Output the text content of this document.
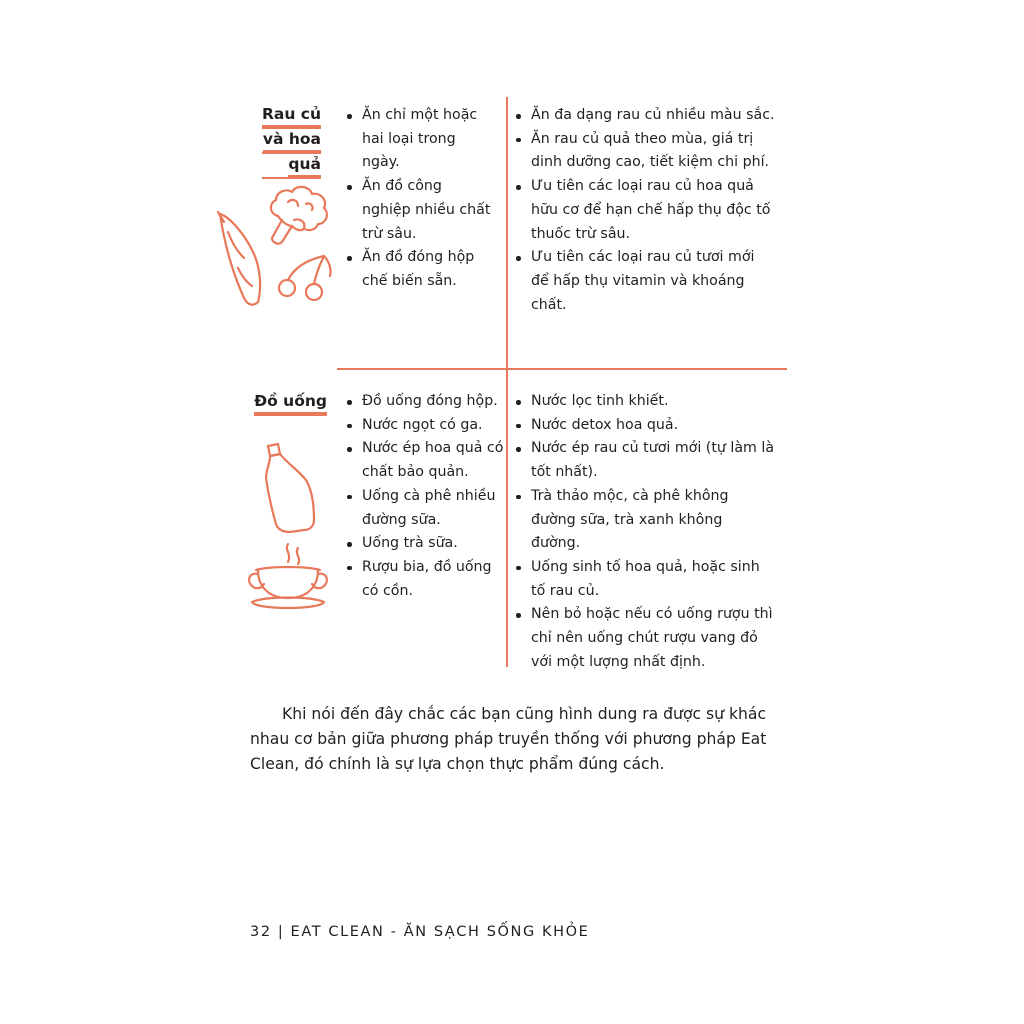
Rau củ
và hoa
quả
Ăn chỉ một hoặc hai loại trong ngày.
Ăn đồ công nghiệp nhiều chất trừ sâu.
Ăn đồ đóng hộp chế biến sẵn.
Ăn đa dạng rau củ nhiều màu sắc.
Ăn rau củ quả theo mùa, giá trị dinh dưỡng cao, tiết kiệm chi phí.
Ưu tiên các loại rau củ hoa quả hữu cơ để hạn chế hấp thụ độc tố thuốc trừ sâu.
Ưu tiên các loại rau củ tươi mới để hấp thụ vitamin và khoáng chất.
Đồ uống	Đồ uống đóng hộp.
Nước ngọt có ga.
Nước ép hoa quả có chất bảo quản.
Uống cà phê nhiều đường sữa.
Uống trà sữa.
Rượu bia, đồ uống có cồn.
Nước lọc tinh khiết.
Nước detox hoa quả.
Nước ép rau củ tươi mới (tự làm là tốt nhất).
Trà thảo mộc, cà phê không đường sữa, trà xanh không đường.
Uống sinh tố hoa quả, hoặc sinh tố rau củ.
Nên bỏ hoặc nếu có uống rượu thì chỉ nên uống chút rượu vang đỏ với một lượng nhất định.

Khi nói đến đây chắc các bạn cũng hình dung ra được sự khác nhau cơ bản giữa phương pháp truyền thống với phương pháp Eat Clean, đó chính là sự lựa chọn thực phẩm đúng cách.

32 | EAT CLEAN - ĂN SẠCH SỐNG KHỎE
